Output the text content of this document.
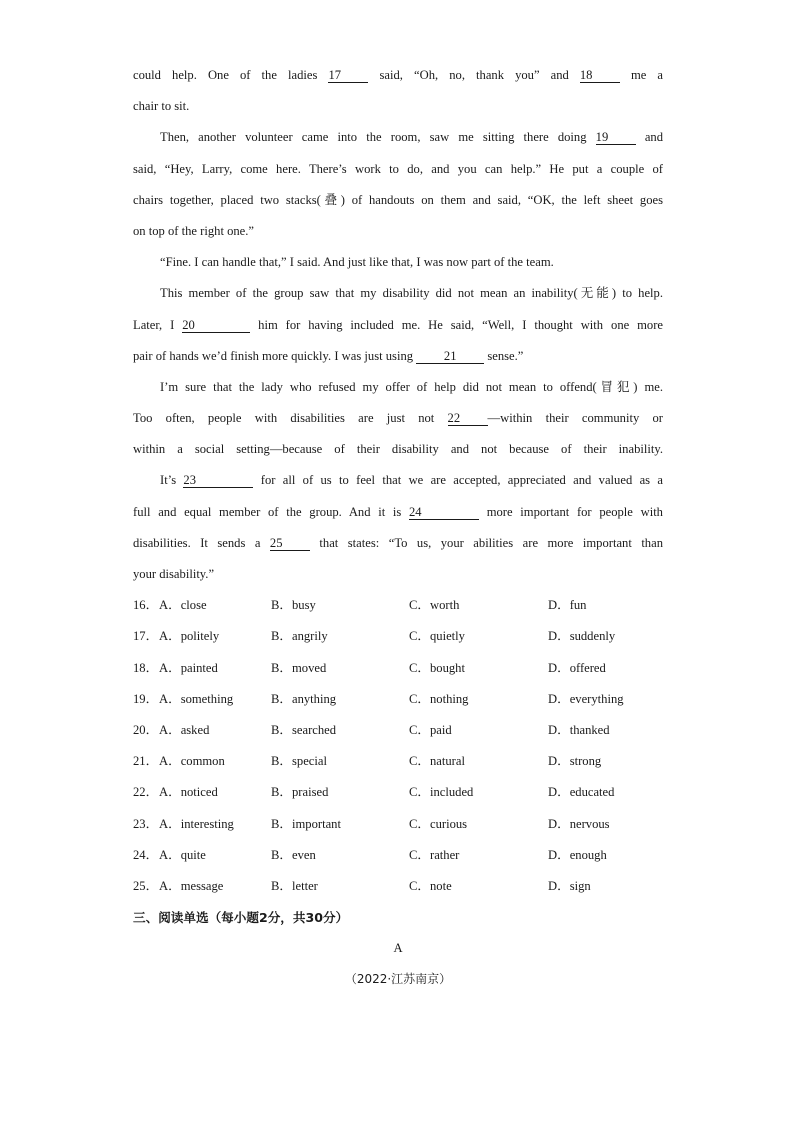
could help. One of the ladies 17 said, “Oh, no, thank you” and 18 me a
chair to sit.
Then, another volunteer came into the room, saw me sitting there doing 19 and
said, “Hey, Larry, come here. There’s work to do, and you can help.” He put a couple of
chairs together, placed two stacks(叠) of handouts on them and said, “OK, the left sheet goes
on top of the right one.”
“Fine. I can handle that,” I said. And just like that, I was now part of the team.
This member of the group saw that my disability did not mean an inability(无能) to help.
Later, I 20	him for having included me. He said, “Well, I thought with one more
pair of hands we’d finish more quickly. I was just using 21 sense.”
I’m sure that the lady who refused my offer of help did not mean to offend(冒犯) me.
Too often, people with disabilities are just not 22 —within their community or
within a social setting—because of their disability and not because of their inability.
It’s 23	for all of us to feel that we are accepted, appreciated and valued as a
full and equal member of the group. And it is 24	more important for people with
disabilities. It sends a 25 that states: “To us, your abilities are more important than
your disability.”
16． A．close	B．busy	C．worth	D．fun
17． A．politely	B．angrily	C．quietly	D．suddenly
18． A．painted	B．moved	C．bought	D．offered
19． A．something	B．anything	C．nothing	D．everything
20． A．asked	B．searched	C．paid	D．thanked
21． A．common	B．special	C．natural	D．strong
22． A．noticed	B．praised	C．included	D．educated
23． A．interesting	B．important	C．curious	D．nervous
24． A．quite	B．even	C．rather	D．enough
25． A．message	B．letter	C．note	D．sign
三、阅读单选（每小题2分，共30分）
A
（2022·江苏南京）
